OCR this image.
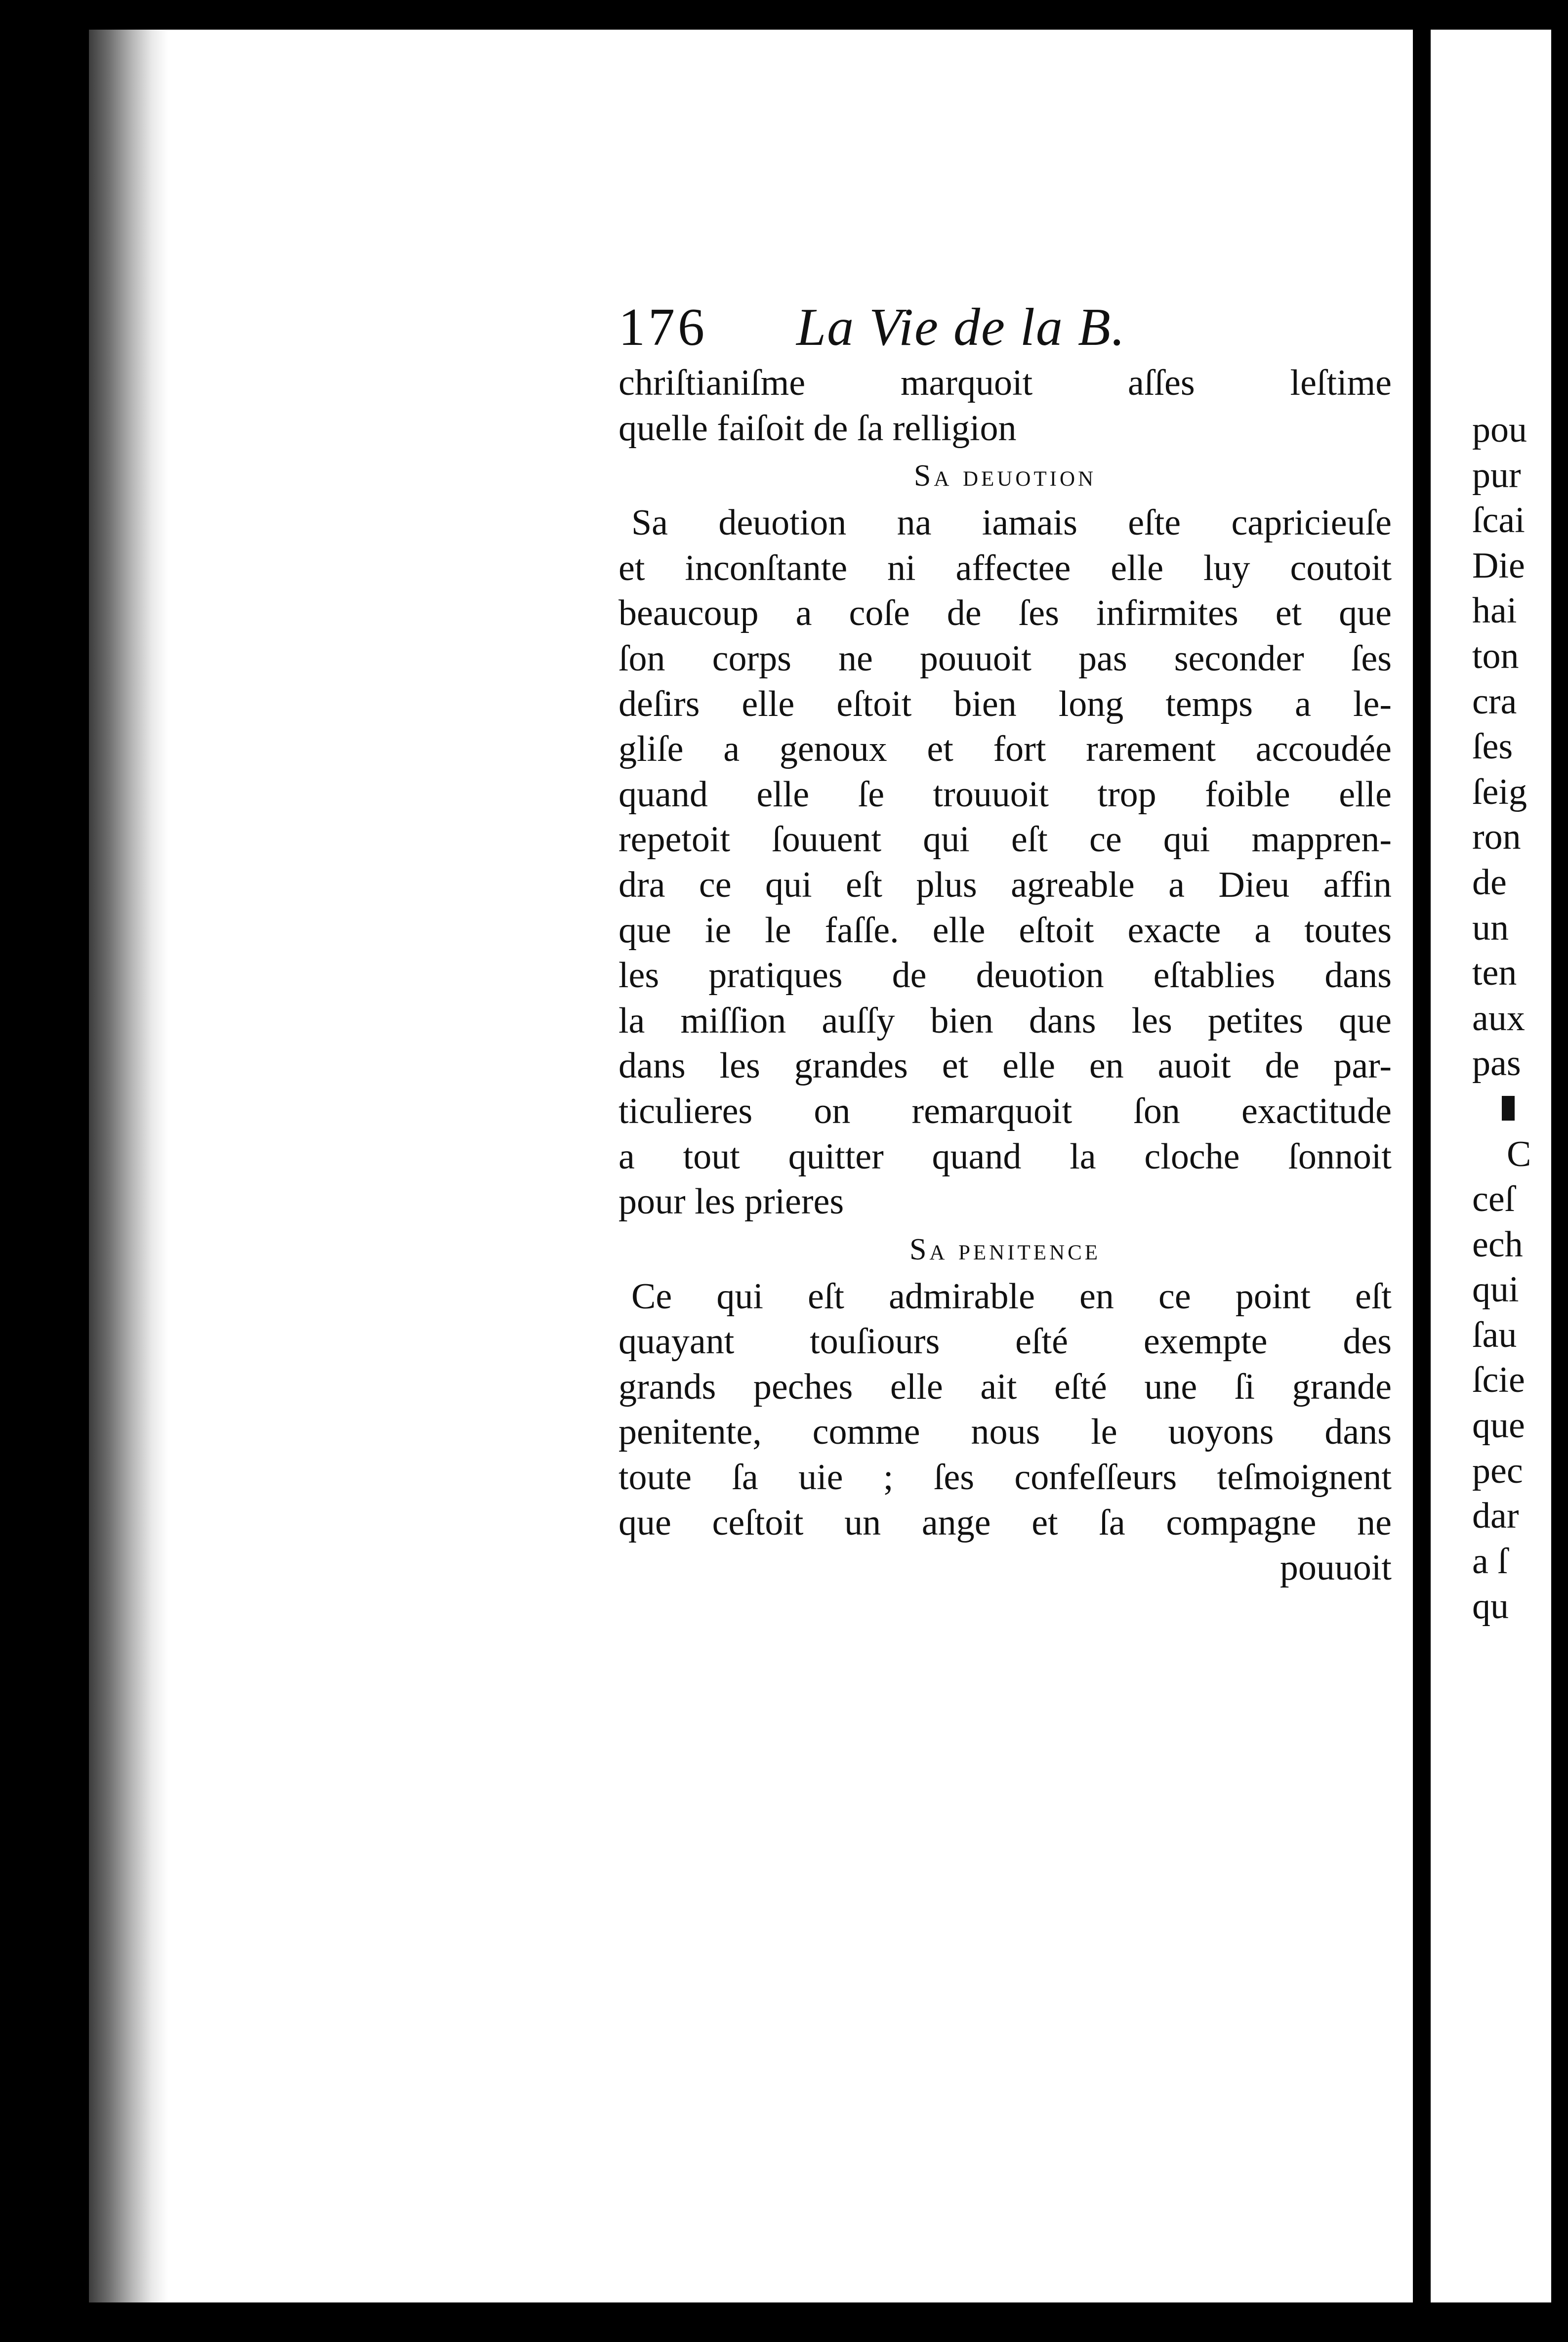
pou
pur
ſcai
Die
hai
ton
cra
ſes
ſeig
ron
de
un
ten
aux
pas
C
ceſ
ech
qui
ſau
ſcie
que
pec
dar
a ſ
qu
176	La Vie de la B.
chriſtianiſme marquoit aſſes leſtime
quelle faiſoit de ſa relligion
Sa deuotion
Sa deuotion na iamais eſte capricieuſe
et inconſtante ni affectee elle luy coutoit
beaucoup a coſe de ſes infirmites et que
ſon corps ne pouuoit pas seconder ſes
deſirs elle eſtoit bien long temps a le-
gliſe a genoux et fort rarement accoudée
quand elle ſe trouuoit trop foible elle
repetoit ſouuent qui eſt ce qui mappren-
dra ce qui eſt plus agreable a Dieu affin
que ie le faſſe. elle eſtoit exacte a toutes
les pratiques de deuotion eſtablies dans
la miſſion auſſy bien dans les petites que
dans les grandes et elle en auoit de par-
ticulieres on remarquoit ſon exactitude
a tout quitter quand la cloche ſonnoit
pour les prieres
Sa penitence
Ce qui eſt admirable en ce point eſt
quayant touſiours eſté exempte des
grands peches elle ait eſté une ſi grande
penitente, comme nous le uoyons dans
toute ſa uie ; ſes confeſſeurs teſmoignent
que ceſtoit un ange et ſa compagne ne
pouuoit
